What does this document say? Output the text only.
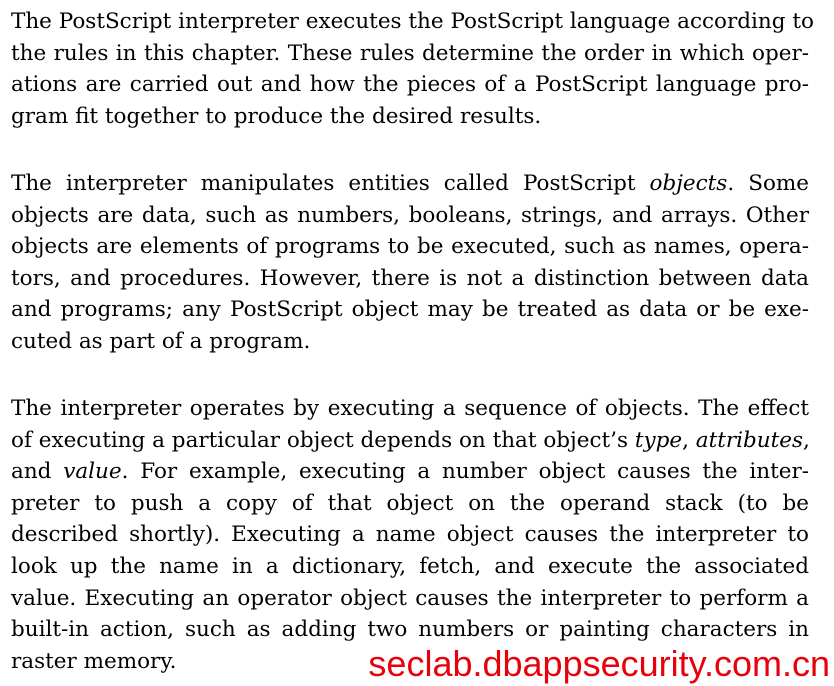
The PostScript interpreter executes the PostScript language according to
the rules in this chapter. These rules determine the order in which oper-
ations are carried out and how the pieces of a PostScript language pro-
gram fit together to produce the desired results.
The interpreter manipulates entities called PostScript objects. Some
objects are data, such as numbers, booleans, strings, and arrays. Other
objects are elements of programs to be executed, such as names, opera-
tors, and procedures. However, there is not a distinction between data
and programs; any PostScript object may be treated as data or be exe-
cuted as part of a program.
The interpreter operates by executing a sequence of objects. The effect
of executing a particular object depends on that object’s type, attributes,
and value. For example, executing a number object causes the inter-
preter to push a copy of that object on the operand stack (to be
described shortly). Executing a name object causes the interpreter to
look up the name in a dictionary, fetch, and execute the associated
value. Executing an operator object causes the interpreter to perform a
built-in action, such as adding two numbers or painting characters in
raster memory.	seclab.dbappsecurity.com.cn
